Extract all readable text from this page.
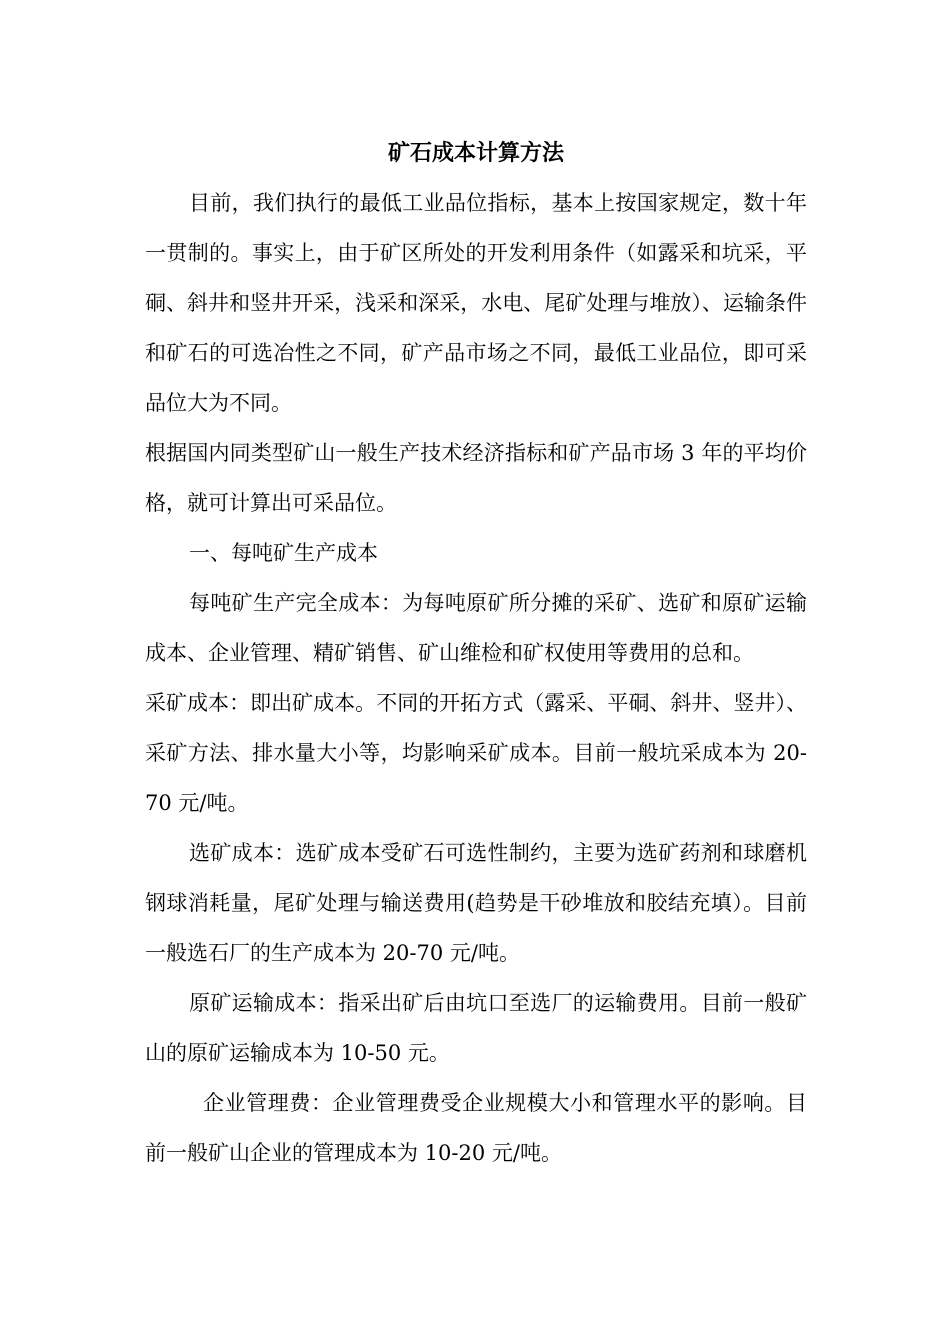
矿石成本计算方法

目前，我们执行的最低工业品位指标，基本上按国家规定，数十年一贯制的。事实上，由于矿区所处的开发利用条件（如露采和坑采，平硐、斜井和竖井开采，浅采和深采，水电、尾矿处理与堆放）、运输条件和矿石的可选冶性之不同，矿产品市场之不同，最低工业品位，即可采品位大为不同。

根据国内同类型矿山一般生产技术经济指标和矿产品市场 3 年的平均价格，就可计算出可采品位。

一、每吨矿生产成本

每吨矿生产完全成本：为每吨原矿所分摊的采矿、选矿和原矿运输成本、企业管理、精矿销售、矿山维检和矿权使用等费用的总和。

采矿成本：即出矿成本。不同的开拓方式（露采、平硐、斜井、竖井）、采矿方法、排水量大小等，均影响采矿成本。目前一般坑采成本为 20-70 元/吨。

选矿成本：选矿成本受矿石可选性制约，主要为选矿药剂和球磨机钢球消耗量，尾矿处理与输送费用(趋势是干砂堆放和胶结充填）。目前一般选石厂的生产成本为 20-70 元/吨。

原矿运输成本：指采出矿后由坑口至选厂的运输费用。目前一般矿山的原矿运输成本为 10-50 元。

企业管理费：企业管理费受企业规模大小和管理水平的影响。目前一般矿山企业的管理成本为 10-20 元/吨。
